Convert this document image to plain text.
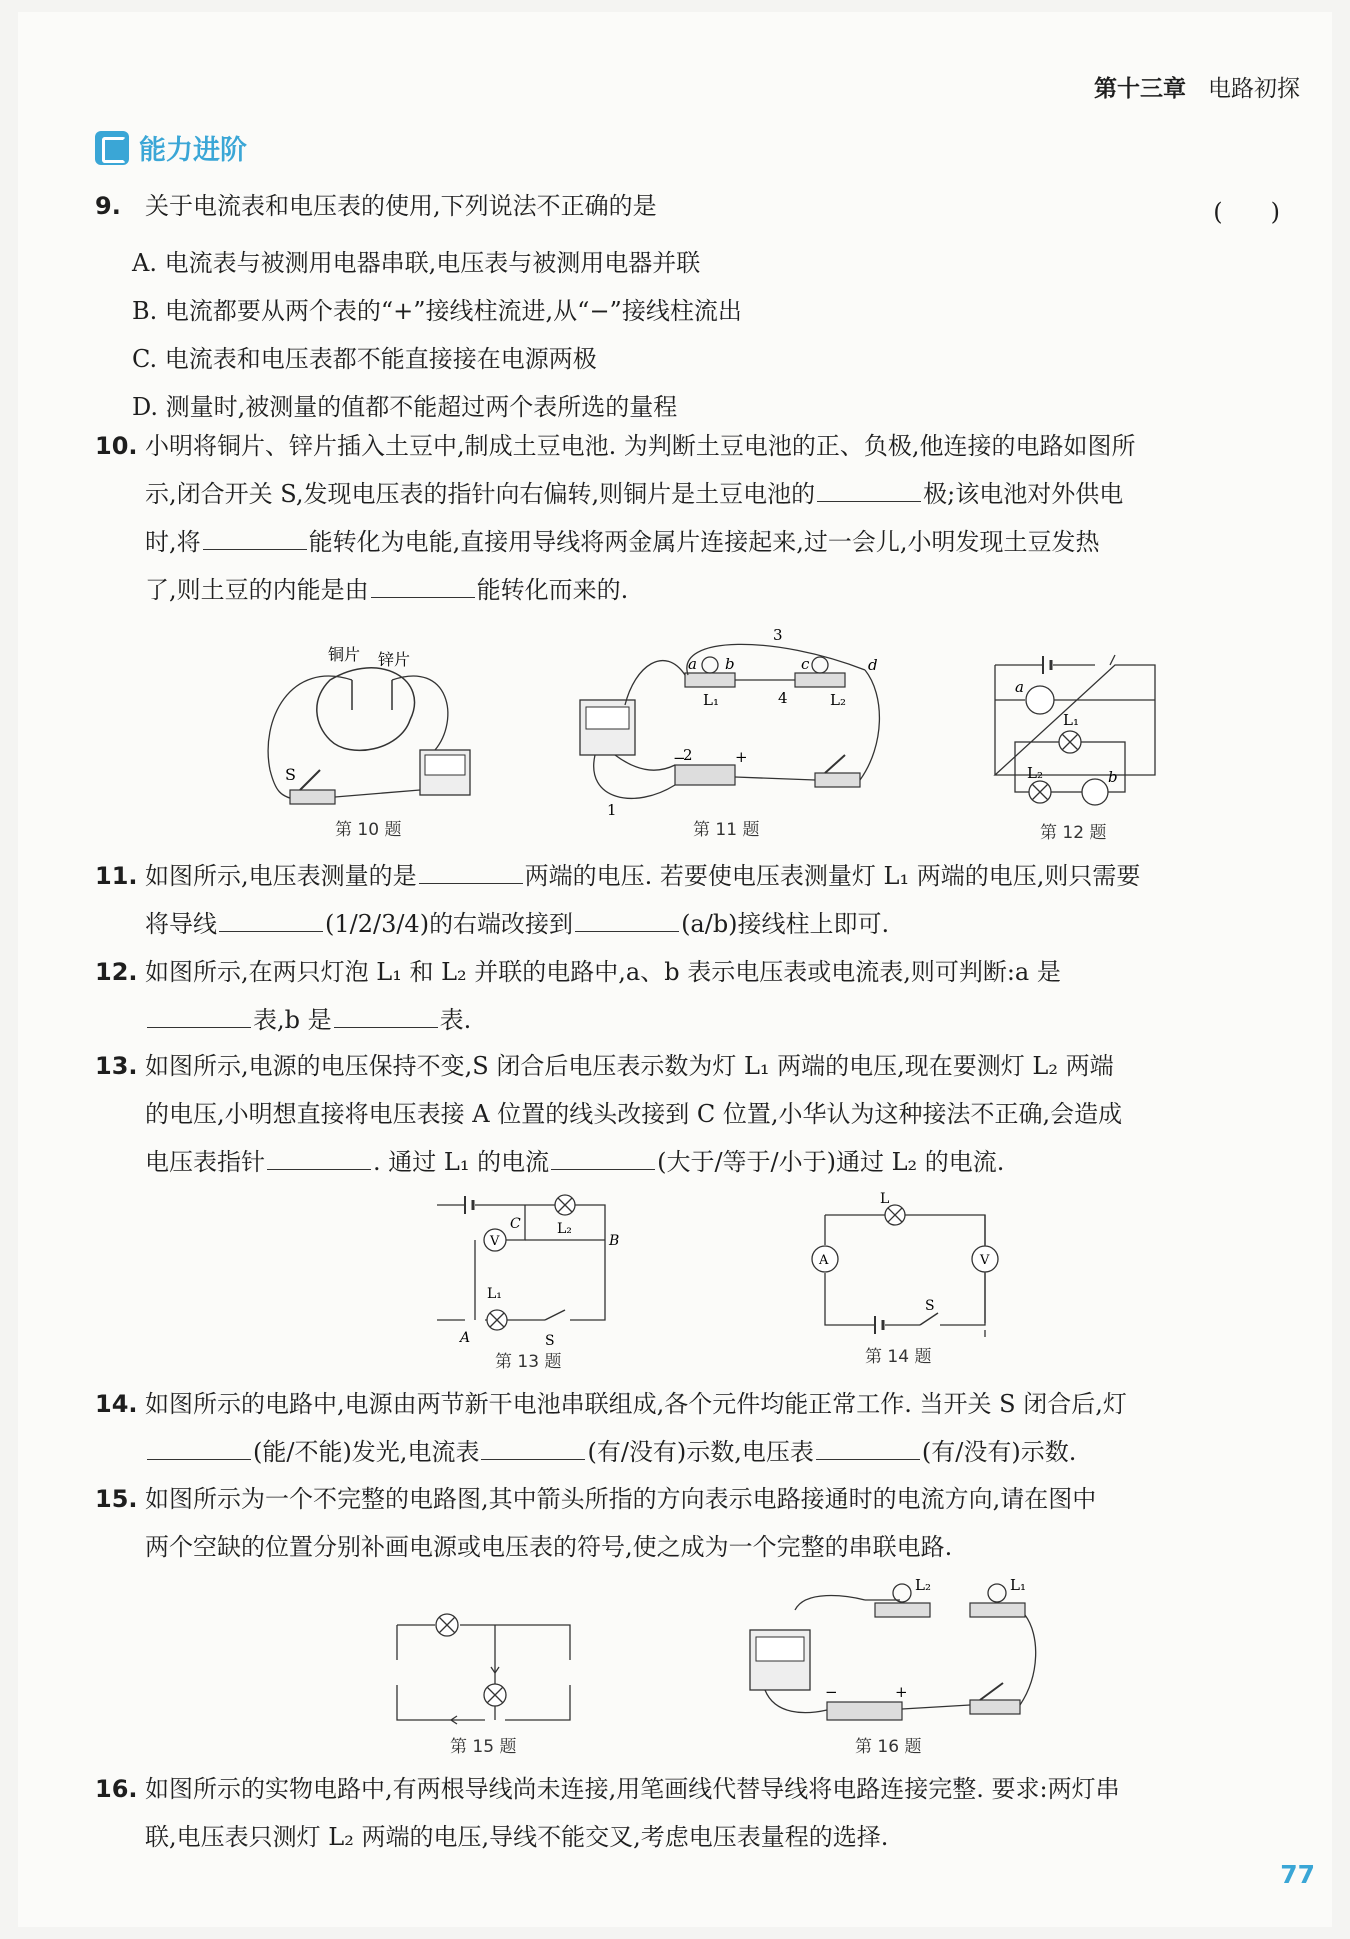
第十三章 电路初探
能力进阶
9. 关于电流表和电压表的使用,下列说法不正确的是	(　　)
A. 电流表与被测用电器串联,电压表与被测用电器并联
B. 电流都要从两个表的“+”接线柱流进,从“−”接线柱流出
C. 电流表和电压表都不能直接接在电源两极
D. 测量时,被测量的值都不能超过两个表所选的量程
10. 小明将铜片、锌片插入土豆中,制成土豆电池. 为判断土豆电池的正、负极,他连接的电路如图所
示,闭合开关 S,发现电压表的指针向右偏转,则铜片是土豆电池的	极;该电池对外供电
时,将	能转化为电能,直接用导线将两金属片连接起来,过一会儿,小明发现土豆发热
了,则土豆的内能是由	能转化而来的.
铜片 锌片
S
第 10 题
a b	c	d
L₁	L₂
3
4
2
1
−	+
第 11 题
a
L₁
L₂	b
第 12 题
11. 如图所示,电压表测量的是	两端的电压. 若要使电压表测量灯 L₁ 两端的电压,则只需要
将导线	(1/2/3/4)的右端改接到	(a/b)接线柱上即可.
12. 如图所示,在两只灯泡 L₁ 和 L₂ 并联的电路中,a、b 表示电压表或电流表,则可判断:a 是
表,b 是	表.
13. 如图所示,电源的电压保持不变,S 闭合后电压表示数为灯 L₁ 两端的电压,现在要测灯 L₂ 两端
的电压,小明想直接将电压表接 A 位置的线头改接到 C 位置,小华认为这种接法不正确,会造成
电压表指针	. 通过 L₁ 的电流	(大于/等于/小于)通过 L₂ 的电流.
L₂
L₁
V
S
C
B
A
第 13 题
L
A	V
S
第 14 题
14. 如图所示的电路中,电源由两节新干电池串联组成,各个元件均能正常工作. 当开关 S 闭合后,灯
(能/不能)发光,电流表	(有/没有)示数,电压表	(有/没有)示数.
15. 如图所示为一个不完整的电路图,其中箭头所指的方向表示电路接通时的电流方向,请在图中
两个空缺的位置分别补画电源或电压表的符号,使之成为一个完整的串联电路.
第 15 题
L₂	L₁
−	+
第 16 题
16. 如图所示的实物电路中,有两根导线尚未连接,用笔画线代替导线将电路连接完整. 要求:两灯串
联,电压表只测灯 L₂ 两端的电压,导线不能交叉,考虑电压表量程的选择.
77
